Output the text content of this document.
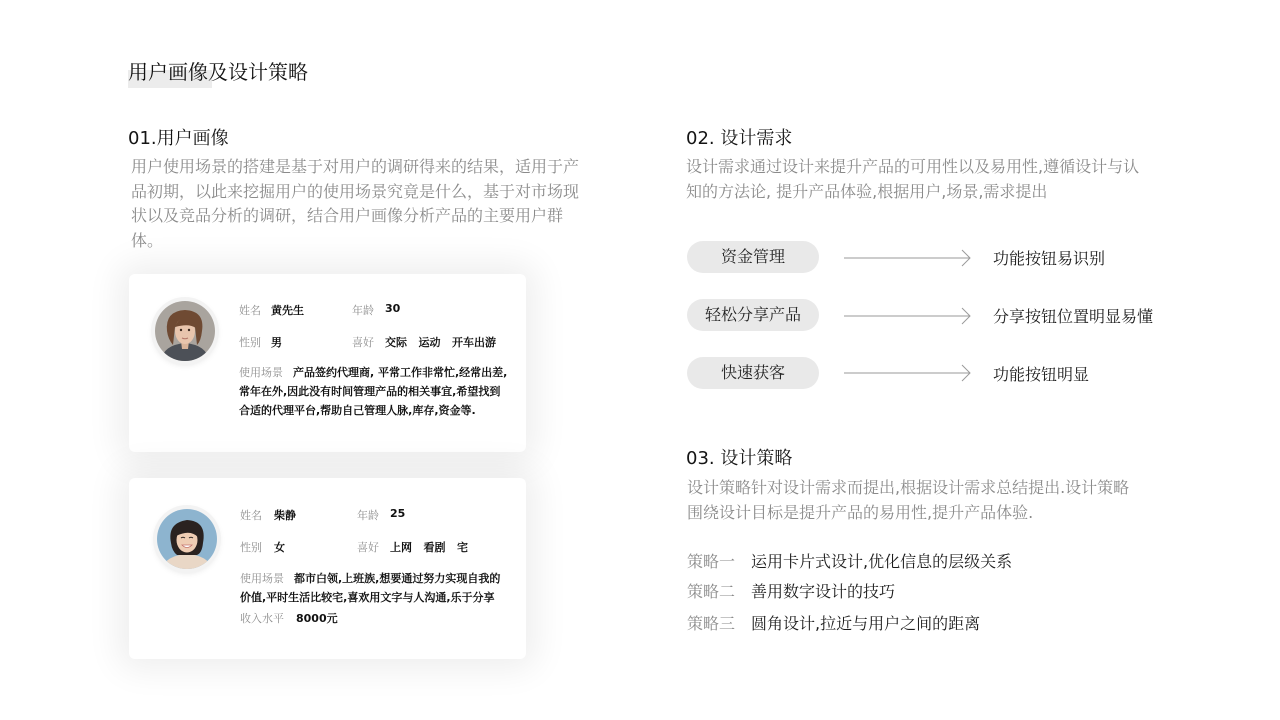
用户画像及设计策略
01.用户画像
用户使用场景的搭建是基于对用户的调研得来的结果，适用于产品初期，以此来挖掘用户的使用场景究竟是什么，基于对市场现状以及竞品分析的调研，结合用户画像分析产品的主要用户群体。
姓名 黄先生	年龄 30
性别 男	喜好 交际   运动   开车出游
使用场景 产品签约代理商, 平常工作非常忙,经常出差,常年在外,因此没有时间管理产品的相关事宜,希望找到合适的代理平台,帮助自己管理人脉,库存,资金等.
姓名 柴静	年龄 25
性别 女	喜好 上网   看剧   宅
使用场景 都市白领,上班族,想要通过努力实现自我的价值,平时生活比较宅,喜欢用文字与人沟通,乐于分享
收入水平 8000元
02. 设计需求
设计需求通过设计来提升产品的可用性以及易用性,遵循设计与认知的方法论, 提升产品体验,根据用户,场景,需求提出
资金管理	功能按钮易识别
轻松分享产品	分享按钮位置明显易懂
快速获客	功能按钮明显
03. 设计策略
设计策略针对设计需求而提出,根据设计需求总结提出.设计策略围绕设计目标是提升产品的易用性,提升产品体验.
策略一 运用卡片式设计,优化信息的层级关系
策略二 善用数字设计的技巧
策略三 圆角设计,拉近与用户之间的距离
